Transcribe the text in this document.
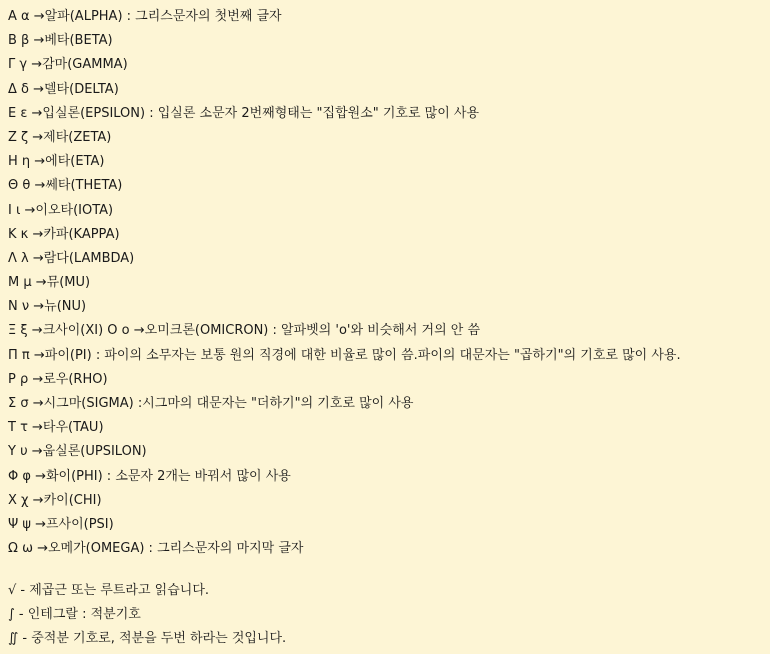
A α →알파(ALPHA) : 그리스문자의 첫번째 글자
B β →베타(BETA)
Γ γ →감마(GAMMA)
Δ δ →델타(DELTA)
E ε →입실론(EPSILON) : 입실론 소문자 2번째형태는 "집합원소" 기호로 많이 사용
Z ζ →제타(ZETA)
H η →에타(ETA)
Θ θ →쎄타(THETA)
I ι →이오타(IOTA)
K κ →카파(KAPPA)
Λ λ →람다(LAMBDA)
M μ →뮤(MU)
N ν →뉴(NU)
Ξ ξ →크사이(XI) O ο →오미크론(OMICRON) : 알파벳의 'o'와 비슷해서 거의 안 씀
Π π →파이(PI) : 파이의 소무자는 보통 원의 직경에 대한 비율로 많이 씀.파이의 대문자는 "곱하기"의 기호로 많이 사용.
P ρ →로우(RHO)
Σ σ →시그마(SIGMA) :시그마의 대문자는 "더하기"의 기호로 많이 사용
T τ →타우(TAU)
Y υ →웁실론(UPSILON)
Φ φ →화이(PHI) : 소문자 2개는 바꿔서 많이 사용
X χ →카이(CHI)
Ψ ψ →프사이(PSI)
Ω ω →오메가(OMEGA) : 그리스문자의 마지막 글자
√ - 제곱근 또는 루트라고 읽습니다.
∫ - 인테그랄 : 적분기호
∬ - 중적분 기호로, 적분을 두번 하라는 것입니다.
